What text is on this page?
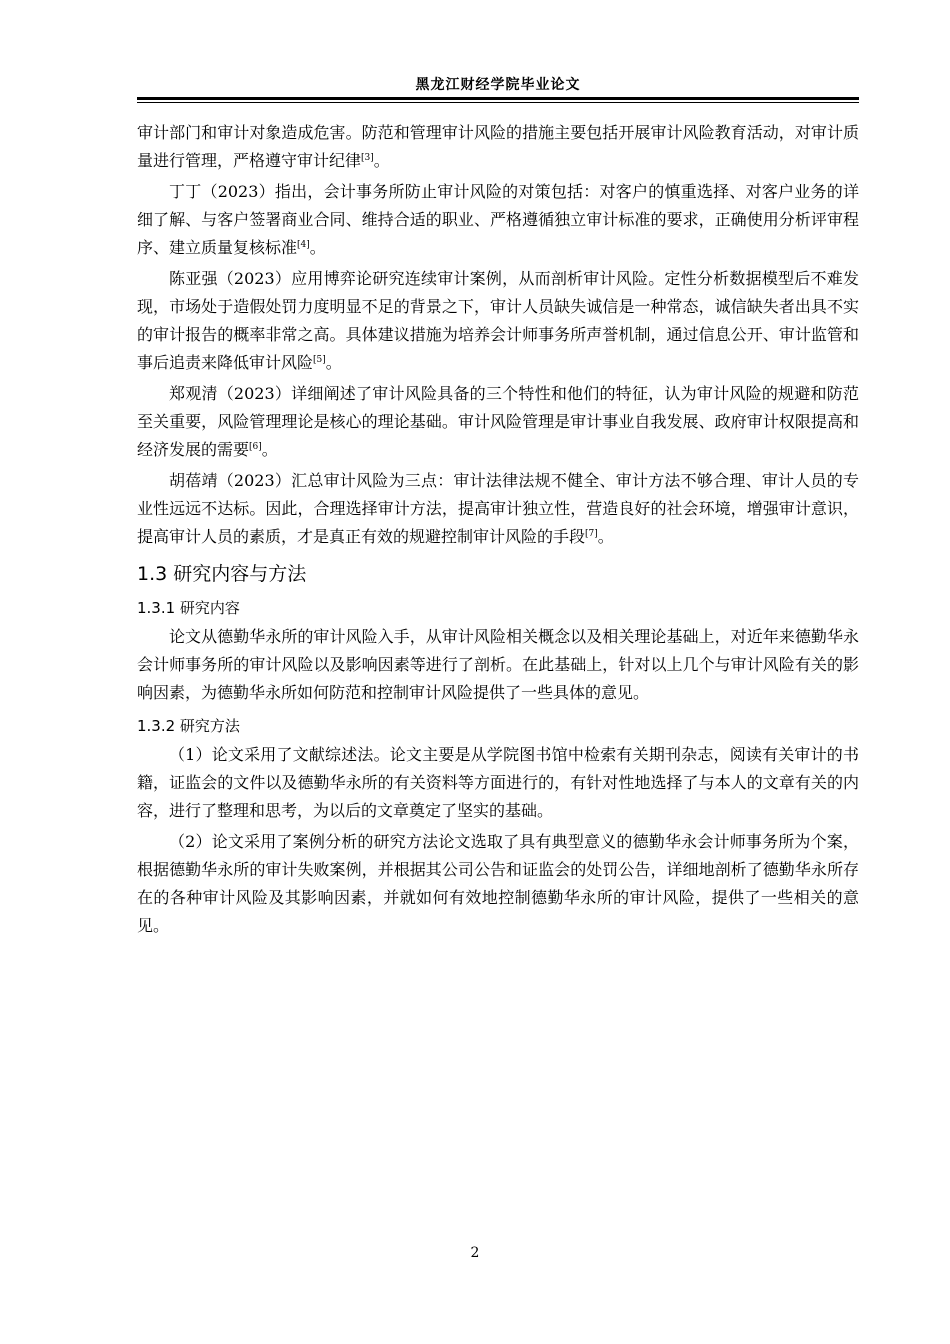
黑龙江财经学院毕业论文

审计部门和审计对象造成危害。防范和管理审计风险的措施主要包括开展审计风险教育活动，对审计质量进行管理，严格遵守审计纪律[3]。

丁丁（2023）指出，会计事务所防止审计风险的对策包括：对客户的慎重选择、对客户业务的详细了解、与客户签署商业合同、维持合适的职业、严格遵循独立审计标准的要求，正确使用分析评审程序、建立质量复核标准[4]。

陈亚强（2023）应用博弈论研究连续审计案例，从而剖析审计风险。定性分析数据模型后不难发现，市场处于造假处罚力度明显不足的背景之下，审计人员缺失诚信是一种常态，诚信缺失者出具不实的审计报告的概率非常之高。具体建议措施为培养会计师事务所声誉机制，通过信息公开、审计监管和事后追责来降低审计风险[5]。

郑观清（2023）详细阐述了审计风险具备的三个特性和他们的特征，认为审计风险的规避和防范至关重要，风险管理理论是核心的理论基础。审计风险管理是审计事业自我发展、政府审计权限提高和经济发展的需要[6]。

胡蓓靖（2023）汇总审计风险为三点：审计法律法规不健全、审计方法不够合理、审计人员的专业性远远不达标。因此，合理选择审计方法，提高审计独立性，营造良好的社会环境，增强审计意识，提高审计人员的素质，才是真正有效的规避控制审计风险的手段[7]。

1.3 研究内容与方法
1.3.1 研究内容

论文从德勤华永所的审计风险入手，从审计风险相关概念以及相关理论基础上，对近年来德勤华永会计师事务所的审计风险以及影响因素等进行了剖析。在此基础上，针对以上几个与审计风险有关的影响因素，为德勤华永所如何防范和控制审计风险提供了一些具体的意见。

1.3.2 研究方法

（1）论文采用了文献综述法。论文主要是从学院图书馆中检索有关期刊杂志，阅读有关审计的书籍，证监会的文件以及德勤华永所的有关资料等方面进行的，有针对性地选择了与本人的文章有关的内容，进行了整理和思考，为以后的文章奠定了坚实的基础。

（2）论文采用了案例分析的研究方法论文选取了具有典型意义的德勤华永会计师事务所为个案，根据德勤华永所的审计失败案例，并根据其公司公告和证监会的处罚公告，详细地剖析了德勤华永所存在的各种审计风险及其影响因素，并就如何有效地控制德勤华永所的审计风险，提供了一些相关的意见。

2
